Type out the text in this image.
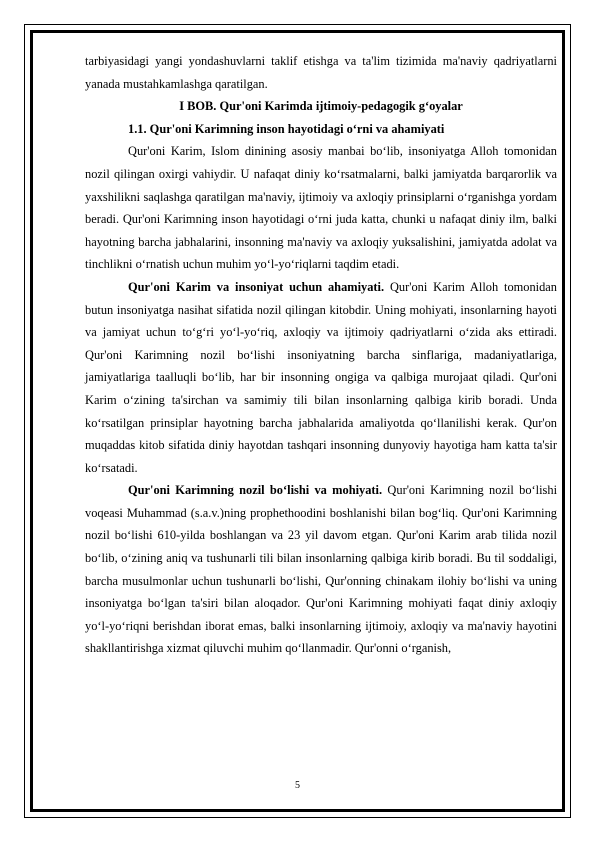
tarbiyasidagi yangi yondashuvlarni taklif etishga va ta'lim tizimida ma'naviy qadriyatlarni yanada mustahkamlashga qaratilgan.

I BOB. Qur'oni Karimda ijtimoiy-pedagogik g‘oyalar

1.1. Qur'oni Karimning inson hayotidagi o‘rni va ahamiyati

Qur'oni Karim, Islom dinining asosiy manbai bo‘lib, insoniyatga Alloh tomonidan nozil qilingan oxirgi vahiydir. U nafaqat diniy ko‘rsatmalarni, balki jamiyatda barqarorlik va yaxshilikni saqlashga qaratilgan ma'naviy, ijtimoiy va axloqiy prinsiplarni o‘rganishga yordam beradi. Qur'oni Karimning inson hayotidagi o‘rni juda katta, chunki u nafaqat diniy ilm, balki hayotning barcha jabhalarini, insonning ma'naviy va axloqiy yuksalishini, jamiyatda adolat va tinchlikni o‘rnatish uchun muhim yo‘l-yo‘riqlarni taqdim etadi.

Qur'oni Karim va insoniyat uchun ahamiyati. Qur'oni Karim Alloh tomonidan butun insoniyatga nasihat sifatida nozil qilingan kitobdir. Uning mohiyati, insonlarning hayoti va jamiyat uchun to‘g‘ri yo‘l-yo‘riq, axloqiy va ijtimoiy qadriyatlarni o‘zida aks ettiradi. Qur'oni Karimning nozil bo‘lishi insoniyatning barcha sinflariga, madaniyatlariga, jamiyatlariga taalluqli bo‘lib, har bir insonning ongiga va qalbiga murojaat qiladi. Qur'oni Karim o‘zining ta'sirchan va samimiy tili bilan insonlarning qalbiga kirib boradi. Unda ko‘rsatilgan prinsiplar hayotning barcha jabhalarida amaliyotda qo‘llanilishi kerak. Qur'on muqaddas kitob sifatida diniy hayotdan tashqari insonning dunyoviy hayotiga ham katta ta'sir ko‘rsatadi.

Qur'oni Karimning nozil bo‘lishi va mohiyati. Qur'oni Karimning nozil bo‘lishi voqeasi Muhammad (s.a.v.)ning prophethoodini boshlanishi bilan bog‘liq. Qur'oni Karimning nozil bo‘lishi 610-yilda boshlangan va 23 yil davom etgan. Qur'oni Karim arab tilida nozil bo‘lib, o‘zining aniq va tushunarli tili bilan insonlarning qalbiga kirib boradi. Bu til soddaligi, barcha musulmonlar uchun tushunarli bo‘lishi, Qur'onning chinakam ilohiy bo‘lishi va uning insoniyatga bo‘lgan ta'siri bilan aloqador. Qur'oni Karimning mohiyati faqat diniy axloqiy yo‘l-yo‘riqni berishdan iborat emas, balki insonlarning ijtimoiy, axloqiy va ma'naviy hayotini shakllantirishga xizmat qiluvchi muhim qo‘llanmadir. Qur'onni o‘rganish,

5
